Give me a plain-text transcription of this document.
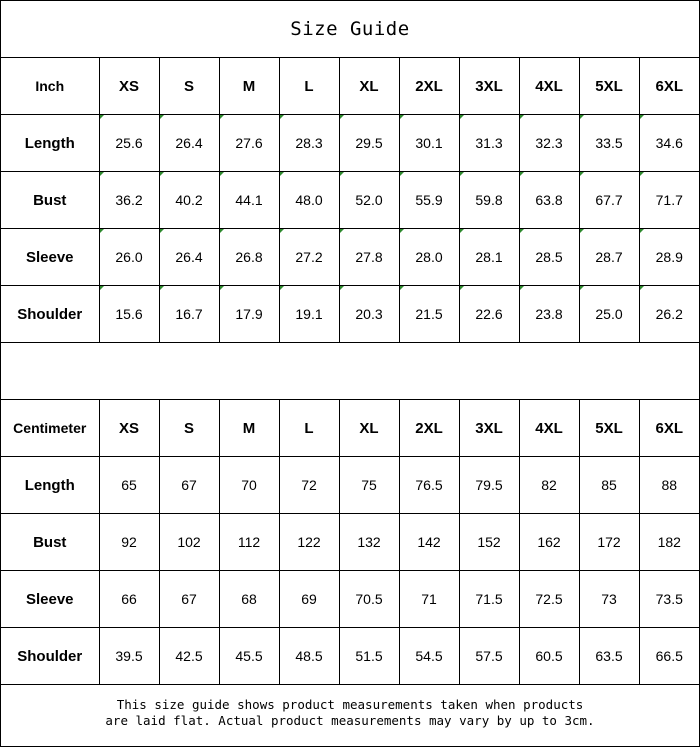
Size Guide
Inch	XS	S	M	L	XL	2XL	3XL	4XL	5XL	6XL
Length	25.6	26.4	27.6	28.3	29.5	30.1	31.3	32.3	33.5	34.6
Bust	36.2	40.2	44.1	48.0	52.0	55.9	59.8	63.8	67.7	71.7
Sleeve	26.0	26.4	26.8	27.2	27.8	28.0	28.1	28.5	28.7	28.9
Shoulder	15.6	16.7	17.9	19.1	20.3	21.5	22.6	23.8	25.0	26.2
Centimeter	XS	S	M	L	XL	2XL	3XL	4XL	5XL	6XL
Length	65	67	70	72	75	76.5	79.5	82	85	88
Bust	92	102	112	122	132	142	152	162	172	182
Sleeve	66	67	68	69	70.5	71	71.5	72.5	73	73.5
Shoulder	39.5	42.5	45.5	48.5	51.5	54.5	57.5	60.5	63.5	66.5
This size guide shows product measurements taken when products
are laid flat. Actual product measurements may vary by up to 3cm.
